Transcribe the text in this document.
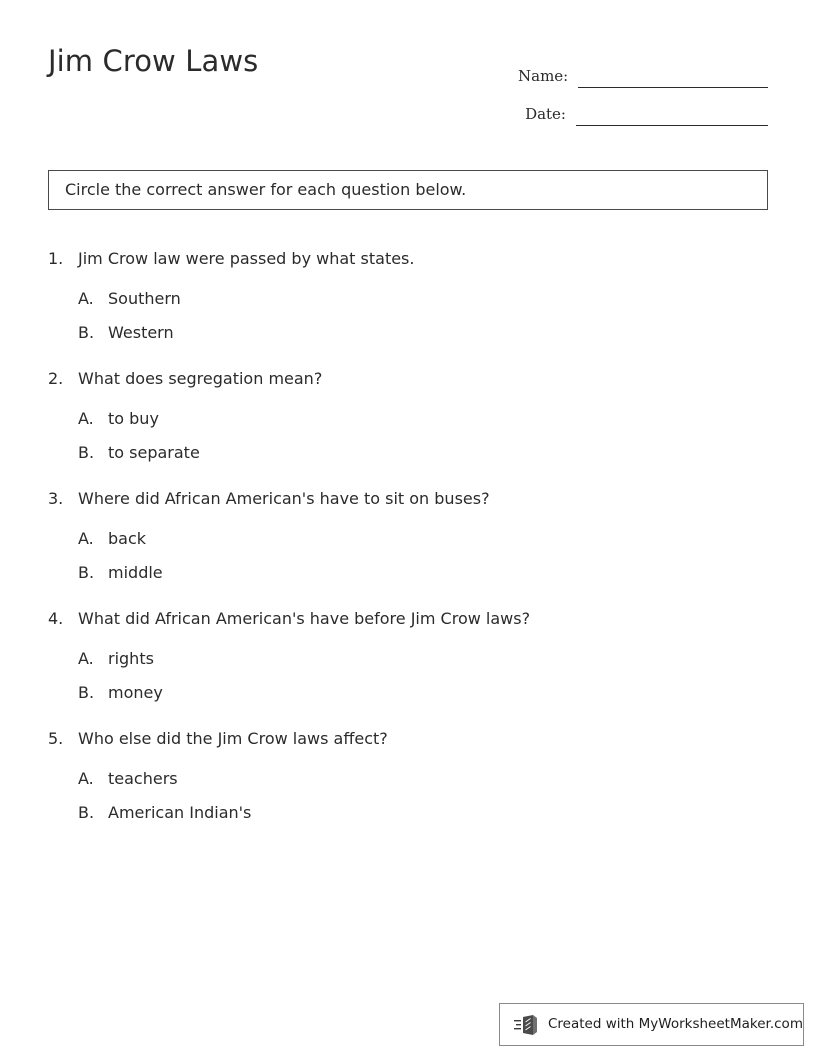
Jim Crow Laws	Name:
Date:
Circle the correct answer for each question below.
1. Jim Crow law were passed by what states.
A. Southern
B. Western
2. What does segregation mean?
A. to buy
B. to separate
3. Where did African American's have to sit on buses?
A. back
B. middle
4. What did African American's have before Jim Crow laws?
A. rights
B. money
5. Who else did the Jim Crow laws affect?
A. teachers
B. American Indian's
Created with MyWorksheetMaker.com
